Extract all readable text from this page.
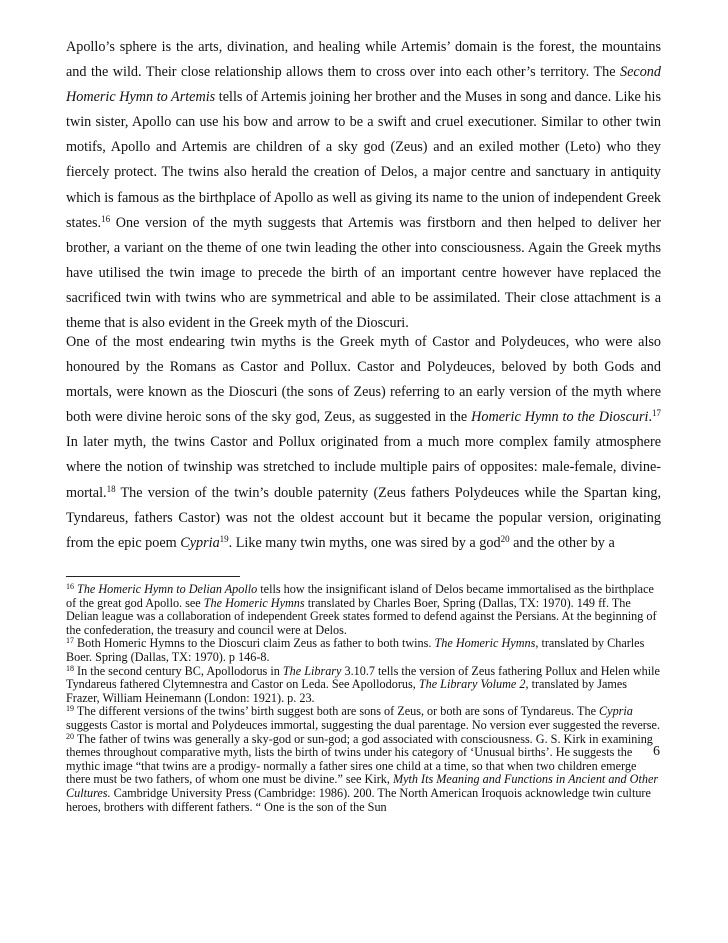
Apollo’s sphere is the arts, divination, and healing while Artemis’ domain is the forest, the mountains and the wild. Their close relationship allows them to cross over into each other’s territory. The Second Homeric Hymn to Artemis tells of Artemis joining her brother and the Muses in song and dance. Like his twin sister, Apollo can use his bow and arrow to be a swift and cruel executioner. Similar to other twin motifs, Apollo and Artemis are children of a sky god (Zeus) and an exiled mother (Leto) who they fiercely protect. The twins also herald the creation of Delos, a major centre and sanctuary in antiquity which is famous as the birthplace of Apollo as well as giving its name to the union of independent Greek states.$^{16}$ One version of the myth suggests that Artemis was firstborn and then helped to deliver her brother, a variant on the theme of one twin leading the other into consciousness. Again the Greek myths have utilised the twin image to precede the birth of an important centre however have replaced the sacrificed twin with twins who are symmetrical and able to be assimilated. Their close attachment is a theme that is also evident in the Greek myth of the Dioscuri.

One of the most endearing twin myths is the Greek myth of Castor and Polydeuces, who were also honoured by the Romans as Castor and Pollux. Castor and Polydeuces, beloved by both Gods and mortals, were known as the Dioscuri (the sons of Zeus) referring to an early version of the myth where both were divine heroic sons of the sky god, Zeus, as suggested in the Homeric Hymn to the Dioscuri.$^{17}$ In later myth, the twins Castor and Pollux originated from a much more complex family atmosphere where the notion of twinship was stretched to include multiple pairs of opposites: male-female, divine-mortal.$^{18}$ The version of the twin’s double paternity (Zeus fathers Polydeuces while the Spartan king, Tyndareus, fathers Castor) was not the oldest account but it became the popular version, originating from the epic poem Cypria$^{19}$. Like many twin myths, one was sired by a god$^{20}$ and the other by a

$^{16}$ The Homeric Hymn to Delian Apollo tells how the insignificant island of Delos became immortalised as the birthplace of the great god Apollo. see The Homeric Hymns translated by Charles Boer, Spring (Dallas, TX: 1970). 149 ff. The Delian league was a collaboration of independent Greek states formed to defend against the Persians. At the beginning of the confederation, the treasury and council were at Delos.

$^{17}$ Both Homeric Hymns to the Dioscuri claim Zeus as father to both twins. The Homeric Hymns, translated by Charles Boer. Spring (Dallas, TX: 1970). p 146-8.

$^{18}$ In the second century BC, Apollodorus in The Library 3.10.7 tells the version of Zeus fathering Pollux and Helen while Tyndareus fathered Clytemnestra and Castor on Leda. See Apollodorus, The Library Volume 2, translated by James Frazer, William Heinemann (London: 1921). p. 23.

$^{19}$ The different versions of the twins’ birth suggest both are sons of Zeus, or both are sons of Tyndareus. The Cypria suggests Castor is mortal and Polydeuces immortal, suggesting the dual parentage. No version ever suggested the reverse.

$^{20}$ The father of twins was generally a sky-god or sun-god; a god associated with consciousness. G. S. Kirk in examining themes throughout comparative myth, lists the birth of twins under his category of ‘Unusual births’. He suggests the mythic image “that twins are a prodigy- normally a father sires one child at a time, so that when two children emerge there must be two fathers, of whom one must be divine.” see Kirk, Myth Its Meaning and Functions in Ancient and Other Cultures. Cambridge University Press (Cambridge: 1986). 200. The North American Iroquois acknowledge twin culture heroes, brothers with different fathers. “ One is the son of the Sun

6
